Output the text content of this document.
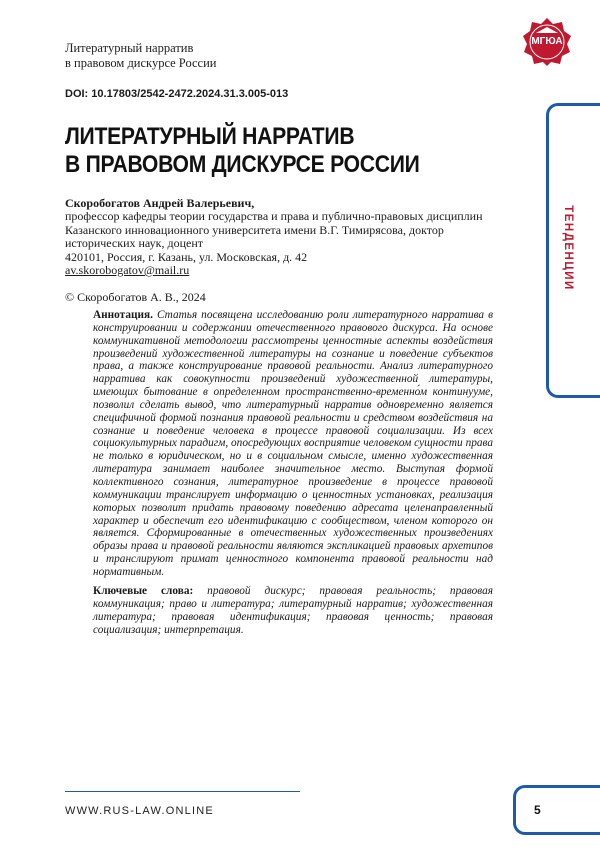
Литературный нарратив
в правовом дискурсе России
МГЮА
DOI: 10.17803/2542-2472.2024.31.3.005-013
ТЕНДЕНЦИИ
ЛИТЕРАТУРНЫЙ НАРРАТИВ
В ПРАВОВОМ ДИСКУРСЕ РОССИИ
Скоробогатов Андрей Валерьевич,
профессор кафедры теории государства и права и публично-правовых дисциплин
Казанского инновационного университета имени В.Г. Тимирясова, доктор
исторических наук, доцент
420101, Россия, г. Казань, ул. Московская, д. 42
av.skorobogatov@mail.ru
© Скоробогатов А. В., 2024
Аннотация. Статья посвящена исследованию роли литературного нарратива в конструировании и содержании отечественного правового дискурса. На основе коммуникативной методологии рассмотрены ценностные аспекты воздействия произведений художественной литературы на сознание и поведение субъектов права, а также конструирование правовой реальности. Анализ литературного нарратива как совокупности произведений художественной литературы, имеющих бытование в определенном пространственно-временно́м континууме, позволил сделать вывод, что литературный нарратив одновременно является специфичной формой познания правовой реальности и средством воздействия на сознание и поведение человека в процессе правовой социализации. Из всех социокультурных парадигм, опосредующих восприятие человеком сущности права не только в юридическом, но и в социальном смысле, именно художественная литература занимает наиболее значительное место. Выступая формой коллективного сознания, литературное произведение в процессе правовой коммуникации транслирует информацию о ценностных установках, реализация которых позволит придать правовому поведению адресата целенаправленный характер и обеспечит его идентификацию с сообществом, членом которого он является. Сформированные в отечественных художественных произведениях образы права и правовой реальности являются экспликацией правовых архетипов и транслируют примат ценностного компонента правовой реальности над нормативным.
Ключевые слова: правовой дискурс; правовая реальность; правовая коммуникация; право и литература; литературный нарратив; художественная литература; правовая идентификация; правовая ценность; правовая социализация; интерпретация.
WWW.RUS-LAW.ONLINE	5
